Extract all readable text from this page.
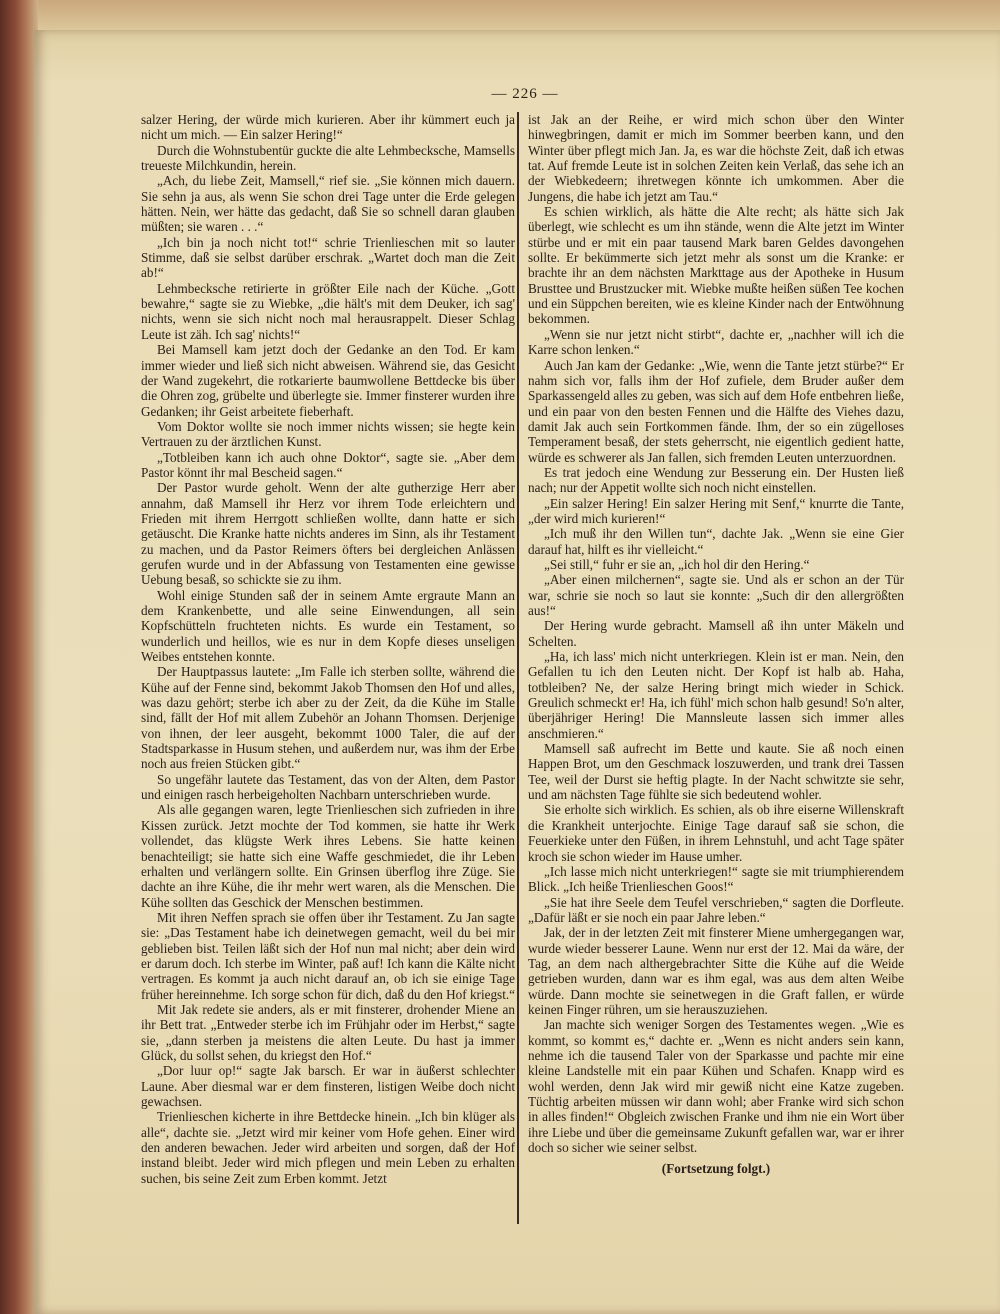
— 226 —

salzer Hering, der würde mich kurieren. Aber ihr kümmert euch ja nicht um mich. — Ein salzer Hering!“

Durch die Wohnstubentür guckte die alte Lehmbecksche, Mamsells treueste Milchkundin, herein.

„Ach, du liebe Zeit, Mamsell,“ rief sie. „Sie können mich dauern. Sie sehn ja aus, als wenn Sie schon drei Tage unter die Erde gelegen hätten. Nein, wer hätte das gedacht, daß Sie so schnell daran glauben müßten; sie waren . . .“

„Ich bin ja noch nicht tot!“ schrie Trienlieschen mit so lauter Stimme, daß sie selbst darüber erschrak. „Wartet doch man die Zeit ab!“

Lehmbecksche retirierte in größter Eile nach der Küche. „Gott bewahre,“ sagte sie zu Wiebke, „die hält's mit dem Deuker, ich sag' nichts, wenn sie sich nicht noch mal herausrappelt. Dieser Schlag Leute ist zäh. Ich sag' nichts!“

Bei Mamsell kam jetzt doch der Gedanke an den Tod. Er kam immer wieder und ließ sich nicht abweisen. Während sie, das Gesicht der Wand zugekehrt, die rotkarierte baumwollene Bettdecke bis über die Ohren zog, grübelte und überlegte sie. Immer finsterer wurden ihre Gedanken; ihr Geist arbeitete fieberhaft.

Vom Doktor wollte sie noch immer nichts wissen; sie hegte kein Vertrauen zu der ärztlichen Kunst.

„Totbleiben kann ich auch ohne Doktor“, sagte sie. „Aber dem Pastor könnt ihr mal Bescheid sagen.“

Der Pastor wurde geholt. Wenn der alte gutherzige Herr aber annahm, daß Mamsell ihr Herz vor ihrem Tode erleichtern und Frieden mit ihrem Herrgott schließen wollte, dann hatte er sich getäuscht. Die Kranke hatte nichts anderes im Sinn, als ihr Testament zu machen, und da Pastor Reimers öfters bei dergleichen Anlässen gerufen wurde und in der Abfassung von Testamenten eine gewisse Uebung besaß, so schickte sie zu ihm.

Wohl einige Stunden saß der in seinem Amte ergraute Mann an dem Krankenbette, und alle seine Einwendungen, all sein Kopfschütteln fruchteten nichts. Es wurde ein Testament, so wunderlich und heillos, wie es nur in dem Kopfe dieses unseligen Weibes entstehen konnte.

Der Hauptpassus lautete: „Im Falle ich sterben sollte, während die Kühe auf der Fenne sind, bekommt Jakob Thomsen den Hof und alles, was dazu gehört; sterbe ich aber zu der Zeit, da die Kühe im Stalle sind, fällt der Hof mit allem Zubehör an Johann Thomsen. Derjenige von ihnen, der leer ausgeht, bekommt 1000 Taler, die auf der Stadtsparkasse in Husum stehen, und außerdem nur, was ihm der Erbe noch aus freien Stücken gibt.“

So ungefähr lautete das Testament, das von der Alten, dem Pastor und einigen rasch herbeigeholten Nachbarn unterschrieben wurde.

Als alle gegangen waren, legte Trienlieschen sich zufrieden in ihre Kissen zurück. Jetzt mochte der Tod kommen, sie hatte ihr Werk vollendet, das klügste Werk ihres Lebens. Sie hatte keinen benachteiligt; sie hatte sich eine Waffe geschmiedet, die ihr Leben erhalten und verlängern sollte. Ein Grinsen überflog ihre Züge. Sie dachte an ihre Kühe, die ihr mehr wert waren, als die Menschen. Die Kühe sollten das Geschick der Menschen bestimmen.

Mit ihren Neffen sprach sie offen über ihr Testament. Zu Jan sagte sie: „Das Testament habe ich deinetwegen gemacht, weil du bei mir geblieben bist. Teilen läßt sich der Hof nun mal nicht; aber dein wird er darum doch. Ich sterbe im Winter, paß auf! Ich kann die Kälte nicht vertragen. Es kommt ja auch nicht darauf an, ob ich sie einige Tage früher hereinnehme. Ich sorge schon für dich, daß du den Hof kriegst.“

Mit Jak redete sie anders, als er mit finsterer, drohender Miene an ihr Bett trat. „Entweder sterbe ich im Frühjahr oder im Herbst,“ sagte sie, „dann sterben ja meistens die alten Leute. Du hast ja immer Glück, du sollst sehen, du kriegst den Hof.“

„Dor luur op!“ sagte Jak barsch. Er war in äußerst schlechter Laune. Aber diesmal war er dem finsteren, listigen Weibe doch nicht gewachsen.

Trienlieschen kicherte in ihre Bettdecke hinein. „Ich bin klüger als alle“, dachte sie. „Jetzt wird mir keiner vom Hofe gehen. Einer wird den anderen bewachen. Jeder wird arbeiten und sorgen, daß der Hof instand bleibt. Jeder wird mich pflegen und mein Leben zu erhalten suchen, bis seine Zeit zum Erben kommt. Jetzt

ist Jak an der Reihe, er wird mich schon über den Winter hinwegbringen, damit er mich im Sommer beerben kann, und den Winter über pflegt mich Jan. Ja, es war die höchste Zeit, daß ich etwas tat. Auf fremde Leute ist in solchen Zeiten kein Verlaß, das sehe ich an der Wiebkedeern; ihretwegen könnte ich umkommen. Aber die Jungens, die habe ich jetzt am Tau.“

Es schien wirklich, als hätte die Alte recht; als hätte sich Jak überlegt, wie schlecht es um ihn stände, wenn die Alte jetzt im Winter stürbe und er mit ein paar tausend Mark baren Geldes davongehen sollte. Er bekümmerte sich jetzt mehr als sonst um die Kranke: er brachte ihr an dem nächsten Markttage aus der Apotheke in Husum Brusttee und Brustzucker mit. Wiebke mußte heißen süßen Tee kochen und ein Süppchen bereiten, wie es kleine Kinder nach der Entwöhnung bekommen.

„Wenn sie nur jetzt nicht stirbt“, dachte er, „nachher will ich die Karre schon lenken.“

Auch Jan kam der Gedanke: „Wie, wenn die Tante jetzt stürbe?“ Er nahm sich vor, falls ihm der Hof zufiele, dem Bruder außer dem Sparkassengeld alles zu geben, was sich auf dem Hofe entbehren ließe, und ein paar von den besten Fennen und die Hälfte des Viehes dazu, damit Jak auch sein Fortkommen fände. Ihm, der so ein zügelloses Temperament besaß, der stets geherrscht, nie eigentlich gedient hatte, würde es schwerer als Jan fallen, sich fremden Leuten unterzuordnen.

Es trat jedoch eine Wendung zur Besserung ein. Der Husten ließ nach; nur der Appetit wollte sich noch nicht einstellen.

„Ein salzer Hering! Ein salzer Hering mit Senf,“ knurrte die Tante, „der wird mich kurieren!“

„Ich muß ihr den Willen tun“, dachte Jak. „Wenn sie eine Gier darauf hat, hilft es ihr vielleicht.“

„Sei still,“ fuhr er sie an, „ich hol dir den Hering.“

„Aber einen milchernen“, sagte sie. Und als er schon an der Tür war, schrie sie noch so laut sie konnte: „Such dir den allergrößten aus!“

Der Hering wurde gebracht. Mamsell aß ihn unter Mäkeln und Schelten.

„Ha, ich lass' mich nicht unterkriegen. Klein ist er man. Nein, den Gefallen tu ich den Leuten nicht. Der Kopf ist halb ab. Haha, totbleiben? Ne, der salze Hering bringt mich wieder in Schick. Greulich schmeckt er! Ha, ich fühl' mich schon halb gesund! So'n alter, überjähriger Hering! Die Mannsleute lassen sich immer alles anschmieren.“

Mamsell saß aufrecht im Bette und kaute. Sie aß noch einen Happen Brot, um den Geschmack loszuwerden, und trank drei Tassen Tee, weil der Durst sie heftig plagte. In der Nacht schwitzte sie sehr, und am nächsten Tage fühlte sie sich bedeutend wohler.

Sie erholte sich wirklich. Es schien, als ob ihre eiserne Willenskraft die Krankheit unterjochte. Einige Tage darauf saß sie schon, die Feuerkieke unter den Füßen, in ihrem Lehnstuhl, und acht Tage später kroch sie schon wieder im Hause umher.

„Ich lasse mich nicht unterkriegen!“ sagte sie mit triumphierendem Blick. „Ich heiße Trienlieschen Goos!“

„Sie hat ihre Seele dem Teufel verschrieben,“ sagten die Dorfleute. „Dafür läßt er sie noch ein paar Jahre leben.“

Jak, der in der letzten Zeit mit finsterer Miene umhergegangen war, wurde wieder besserer Laune. Wenn nur erst der 12. Mai da wäre, der Tag, an dem nach althergebrachter Sitte die Kühe auf die Weide getrieben wurden, dann war es ihm egal, was aus dem alten Weibe würde. Dann mochte sie seinetwegen in die Graft fallen, er würde keinen Finger rühren, um sie herauszuziehen.

Jan machte sich weniger Sorgen des Testamentes wegen. „Wie es kommt, so kommt es,“ dachte er. „Wenn es nicht anders sein kann, nehme ich die tausend Taler von der Sparkasse und pachte mir eine kleine Landstelle mit ein paar Kühen und Schafen. Knapp wird es wohl werden, denn Jak wird mir gewiß nicht eine Katze zugeben. Tüchtig arbeiten müssen wir dann wohl; aber Franke wird sich schon in alles finden!“ Obgleich zwischen Franke und ihm nie ein Wort über ihre Liebe und über die gemeinsame Zukunft gefallen war, war er ihrer doch so sicher wie seiner selbst.

(Fortsetzung folgt.)
